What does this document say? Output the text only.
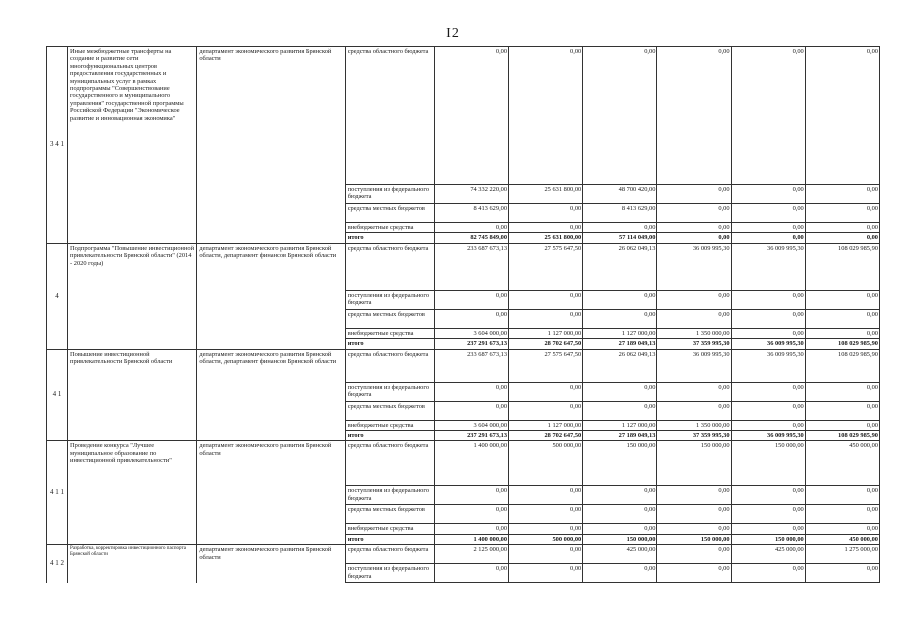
I2
3 4 1	Иные межбюджетные трансферты на создание и развитие сети многофункциональных центров предоставления государственных и муниципальных услуг в рамках подпрограммы "Совершенствование государственного и муниципального управления" государственной программы Российской Федерации "Экономическое развитие и инновационная экономика"	департамент экономического развития Брянской области	средства областного бюджета	0,00	0,00	0,00	0,00	0,00	0,00
			поступления из федерального бюджета	74 332 220,00	25 631 800,00	48 700 420,00	0,00	0,00	0,00
			средства местных бюджетов	8 413 629,00	0,00	8 413 629,00	0,00	0,00	0,00
			внебюджетные средства	0,00	0,00	0,00	0,00	0,00	0,00
			итого	82 745 849,00	25 631 800,00	57 114 049,00	0,00	0,00	0,00
4	Подпрограмма "Повышение инвестиционной привлекательности Брянской области" (2014 - 2020 годы)	департамент экономического развития Брянской области, департамент финансов Брянской области	средства областного бюджета	233 687 673,13	27 575 647,50	26 062 049,13	36 009 995,30	36 009 995,30	108 029 985,90
			поступления из федерального бюджета	0,00	0,00	0,00	0,00	0,00	0,00
			средства местных бюджетов	0,00	0,00	0,00	0,00	0,00	0,00
			внебюджетные средства	3 604 000,00	1 127 000,00	1 127 000,00	1 350 000,00	0,00	0,00
			итого	237 291 673,13	28 702 647,50	27 189 049,13	37 359 995,30	36 009 995,30	108 029 985,90
4 1	Повышение инвестиционной привлекательности Брянской области	департамент экономического развития Брянской области, департамент финансов Брянской области	средства областного бюджета	233 687 673,13	27 575 647,50	26 062 049,13	36 009 995,30	36 009 995,30	108 029 985,90
			поступления из федерального бюджета	0,00	0,00	0,00	0,00	0,00	0,00
			средства местных бюджетов	0,00	0,00	0,00	0,00	0,00	0,00
			внебюджетные средства	3 604 000,00	1 127 000,00	1 127 000,00	1 350 000,00	0,00	0,00
			итого	237 291 673,13	28 702 647,50	27 189 049,13	37 359 995,30	36 009 995,30	108 029 985,90
4 1 1	Проведение конкурса "Лучшее муниципальное образование по инвестиционной привлекательности"	департамент экономического развития Брянской области	средства областного бюджета	1 400 000,00	500 000,00	150 000,00	150 000,00	150 000,00	450 000,00
			поступления из федерального бюджета	0,00	0,00	0,00	0,00	0,00	0,00
			средства местных бюджетов	0,00	0,00	0,00	0,00	0,00	0,00
			внебюджетные средства	0,00	0,00	0,00	0,00	0,00	0,00
			итого	1 400 000,00	500 000,00	150 000,00	150 000,00	150 000,00	450 000,00
4 1 2	Разработка, корректировка инвестиционного паспорта Брянской области	департамент экономического развития Брянской области	средства областного бюджета	2 125 000,00	0,00	425 000,00	0,00	425 000,00	1 275 000,00
			поступления из федерального бюджета	0,00	0,00	0,00	0,00	0,00	0,00
